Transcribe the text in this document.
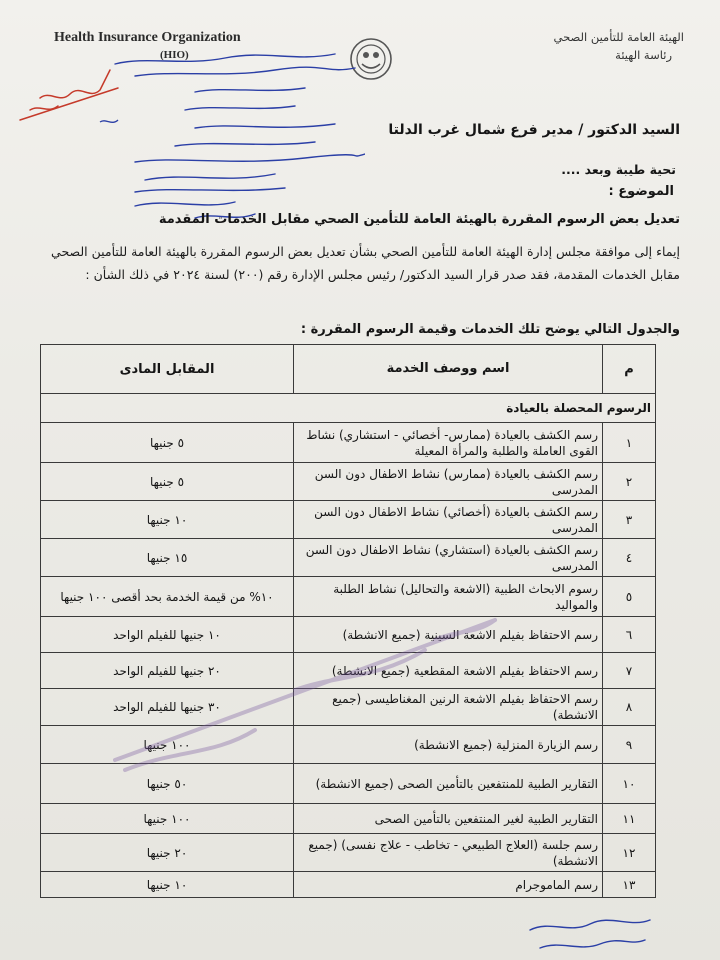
Health Insurance Organization
(HIO)
الهيئة العامة للتأمين الصحي
رئاسة الهيئة
السيد الدكتور / مدير فرع شمال غرب الدلتا
تحية طيبة وبعد ....
الموضوع :
تعديل بعض الرسوم المقررة بالهيئة العامة للتأمين الصحي مقابل الخدمات المقدمة
إيماء إلى موافقة مجلس إدارة الهيئة العامة للتأمين الصحي بشأن تعديل بعض الرسوم المقررة بالهيئة العامة للتأمين الصحي مقابل الخدمات المقدمة، فقد صدر قرار السيد الدكتور/ رئيس مجلس الإدارة رقم (٢٠٠) لسنة ٢٠٢٤ في ذلك الشأن :
والجدول التالي يوضح تلك الخدمات وقيمة الرسوم المقررة :
م	اسم ووصف الخدمة	المقابل المادى
الرسوم المحصلة بالعيادة		
١	رسم الكشف بالعيادة (ممارس- أخصائي - استشاري) نشاط القوى العاملة والطلبة والمرأة المعيلة	٥ جنيها
٢	رسم الكشف بالعيادة (ممارس) نشاط الاطفال دون السن المدرسى	٥ جنيها
٣	رسم الكشف بالعيادة (أخصائي) نشاط الاطفال دون السن المدرسى	١٠ جنيها
٤	رسم الكشف بالعيادة (استشاري) نشاط الاطفال دون السن المدرسى	١٥ جنيها
٥	رسوم الابحاث الطبية (الاشعة والتحاليل) نشاط الطلبة والمواليد	١٠% من قيمة الخدمة بحد أقصى ١٠٠ جنيها
٦	رسم الاحتفاظ بفيلم الاشعة السينية (جميع الانشطة)	١٠ جنيها للفيلم الواحد
٧	رسم الاحتفاظ بفيلم الاشعة المقطعية (جميع الانشطة)	٢٠ جنيها للفيلم الواحد
٨	رسم الاحتفاظ بفيلم الاشعة الرنين المغناطيسى (جميع الانشطة)	٣٠ جنيها للفيلم الواحد
٩	رسم الزيارة المنزلية (جميع الانشطة)	١٠٠ جنيها
١٠	التقارير الطبية للمنتفعين بالتأمين الصحى (جميع الانشطة)	٥٠ جنيها
١١	التقارير الطبية لغير المنتفعين بالتأمين الصحى	١٠٠ جنيها
١٢	رسم جلسة (العلاج الطبيعي - تخاطب - علاج نفسى) (جميع الانشطة)	٢٠ جنيها
١٣	رسم الماموجرام	١٠ جنيها
